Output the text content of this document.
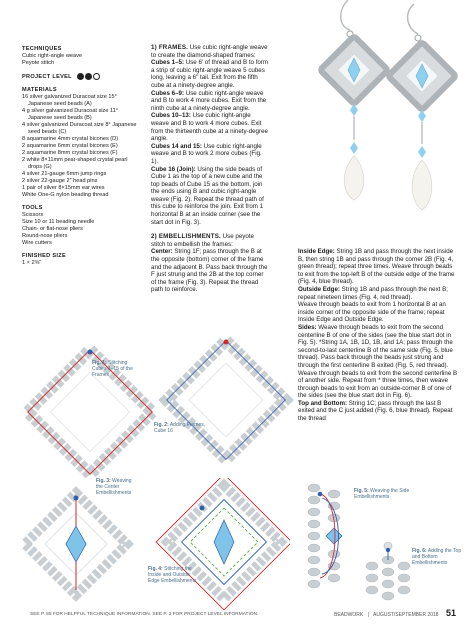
TECHNIQUES
Cubic right-angle weave
Peyote stitch
PROJECT LEVEL
MATERIALS
16 silver galvanized Duracoat size 15° Japanese seed beads (A)
4 g silver galvanized Duracoat size 11° Japanese seed beads (B)
4 silver galvanized Duracoat size 8° Japanese seed beads (C)
8 aquamarine 4mm crystal bicones (D)
2 aquamarine 6mm crystal bicones (E)
2 aquamarine 8mm crystal bicones (F)
2 white 8×11mm pear-shaped crystal pearl drops (G)
4 silver 21-gauge 6mm jump rings
2 silver 22-gauge 2" head pins
1 pair of silver 8×15mm ear wires
White One-G nylon beading thread
TOOLS
Scissors
Size 10 or 11 beading needle
Chain- or flat-nose pliers
Round-nose pliers
Wire cutters
FINISHED SIZE
1 × 2⅜"
1) FRAMES. Use cubic right-angle weave to create the diamond-shaped frames:
Cubes 1–5: Use 6' of thread and B to form a strip of cubic right-angle weave 5 cubes long, leaving a 6" tail. Exit from the fifth cube at a ninety-degree angle.
Cubes 6–9: Use cubic right-angle weave and B to work 4 more cubes. Exit from the ninth cube at a ninety-degree angle.
Cubes 10–13: Use cubic right-angle weave and B to work 4 more cubes. Exit from the thirteenth cube at a ninety-degree angle.
Cubes 14 and 15: Use cubic right-angle weave and B to work 2 more cubes (Fig. 1).
Cube 16 (Join): Using the side beads of Cube 1 as the top of a new cube and the top beads of Cube 15 as the bottom, join the ends using B and cubic right-angle weave (Fig. 2). Repeat the thread path of this cube to reinforce the join. Exit from 1 horizontal B at an inside corner (see the start dot in Fig. 3).
2) EMBELLISHMENTS. Use peyote stitch to embellish the frames:
Center: String 1F; pass through the B at the opposite (bottom) corner of the frame and the adjacent B. Pass back through the F just strung and the 2B at the top corner of the frame (Fig. 3). Repeat the thread path to reinforce.
Inside Edge: String 1B and pass through the next inside B, then string 1B and pass through the corner 2B (Fig. 4, green thread); repeat three times. Weave through beads to exit from the top-left B of the outside edge of the frame (Fig. 4, blue thread).
Outside Edge: String 1B and pass through the next B; repeat nineteen times (Fig. 4, red thread).
Weave through beads to exit from 1 horizontal B at an inside corner of the opposite side of the frame; repeat Inside Edge and Outside Edge.
Sides: Weave through beads to exit from the second centerline B of one of the sides (see the blue start dot in Fig. 5). *String 1A, 1B, 1D, 1B, and 1A; pass through the second-to-last centerline B of the same side (Fig. 5, blue thread). Pass back through the beads just strung and through the first centerline B exited (Fig. 5, red thread). Weave through beads to exit from the second centerline B of another side. Repeat from * three times, then weave through beads to exit from an outside-corner B of one of the sides (see the blue start dot in Fig. 6).
Top and Bottom: String 1C; pass through the last B exited and the C just added (Fig. 6, blue thread). Repeat the thread
Fig. 1: Stitching Cubes 1–15 of the Frames
Fig. 2: Adding Frames, Cube 16
Fig. 3: Weaving the Center Embellishments
Fig. 4: Stitching the Inside and Outside Edge Embellishments
Fig. 5: Weaving the Side Embellishments
Fig. 6: Adding the Top and Bottom Embellishments
SEE P. 85 FOR HELPFUL TECHNIQUE INFORMATION. SEE P. 3 FOR PROJECT LEVEL INFORMATION.	BEADWORK | AUGUST/SEPTEMBER 2018 51
